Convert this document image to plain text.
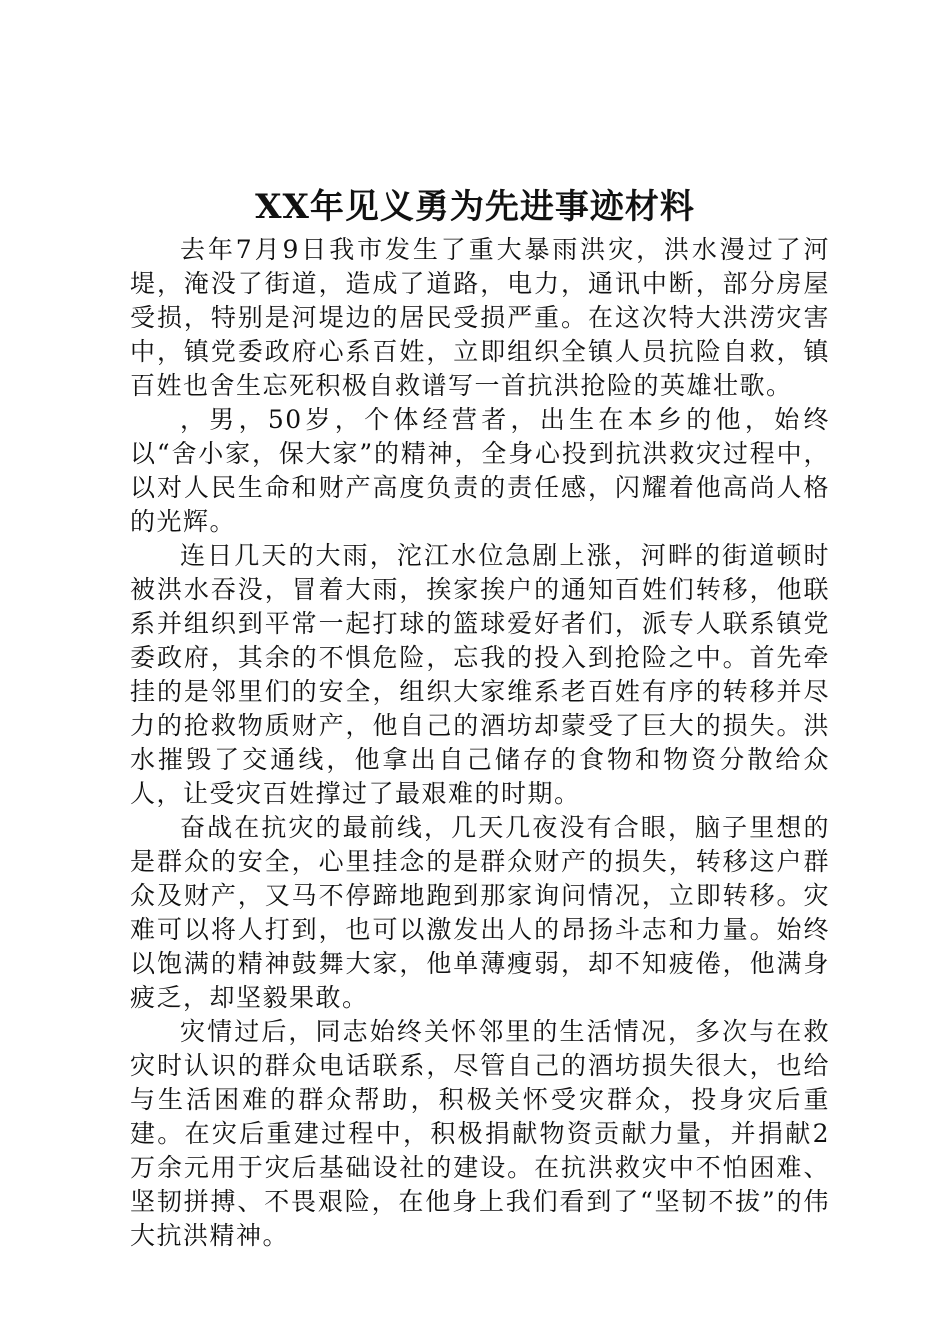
XX年见义勇为先进事迹材料

去年7月9日我市发生了重大暴雨洪灾，洪水漫过了河堤，淹没了街道，造成了道路，电力，通讯中断，部分房屋受损，特别是河堤边的居民受损严重。在这次特大洪涝灾害中，镇党委政府心系百姓，立即组织全镇人员抗险自救，镇百姓也舍生忘死积极自救谱写一首抗洪抢险的英雄壮歌。

，男，50岁，个体经营者，出生在本乡的他，始终以“舍小家，保大家”的精神，全身心投到抗洪救灾过程中，以对人民生命和财产高度负责的责任感，闪耀着他高尚人格的光辉。

连日几天的大雨，沱江水位急剧上涨，河畔的街道顿时被洪水吞没，冒着大雨，挨家挨户的通知百姓们转移，他联系并组织到平常一起打球的篮球爱好者们，派专人联系镇党委政府，其余的不惧危险，忘我的投入到抢险之中。首先牵挂的是邻里们的安全，组织大家维系老百姓有序的转移并尽力的抢救物质财产，他自己的酒坊却蒙受了巨大的损失。洪水摧毁了交通线，他拿出自己储存的食物和物资分散给众人，让受灾百姓撑过了最艰难的时期。

奋战在抗灾的最前线，几天几夜没有合眼，脑子里想的是群众的安全，心里挂念的是群众财产的损失，转移这户群众及财产，又马不停蹄地跑到那家询问情况，立即转移。灾难可以将人打到，也可以激发出人的昂扬斗志和力量。始终以饱满的精神鼓舞大家，他单薄瘦弱，却不知疲倦，他满身疲乏，却坚毅果敢。

灾情过后，同志始终关怀邻里的生活情况，多次与在救灾时认识的群众电话联系，尽管自己的酒坊损失很大，也给与生活困难的群众帮助，积极关怀受灾群众，投身灾后重建。在灾后重建过程中，积极捐献物资贡献力量，并捐献2万余元用于灾后基础设社的建设。在抗洪救灾中不怕困难、坚韧拼搏、不畏艰险，在他身上我们看到了“坚韧不拔”的伟大抗洪精神。
